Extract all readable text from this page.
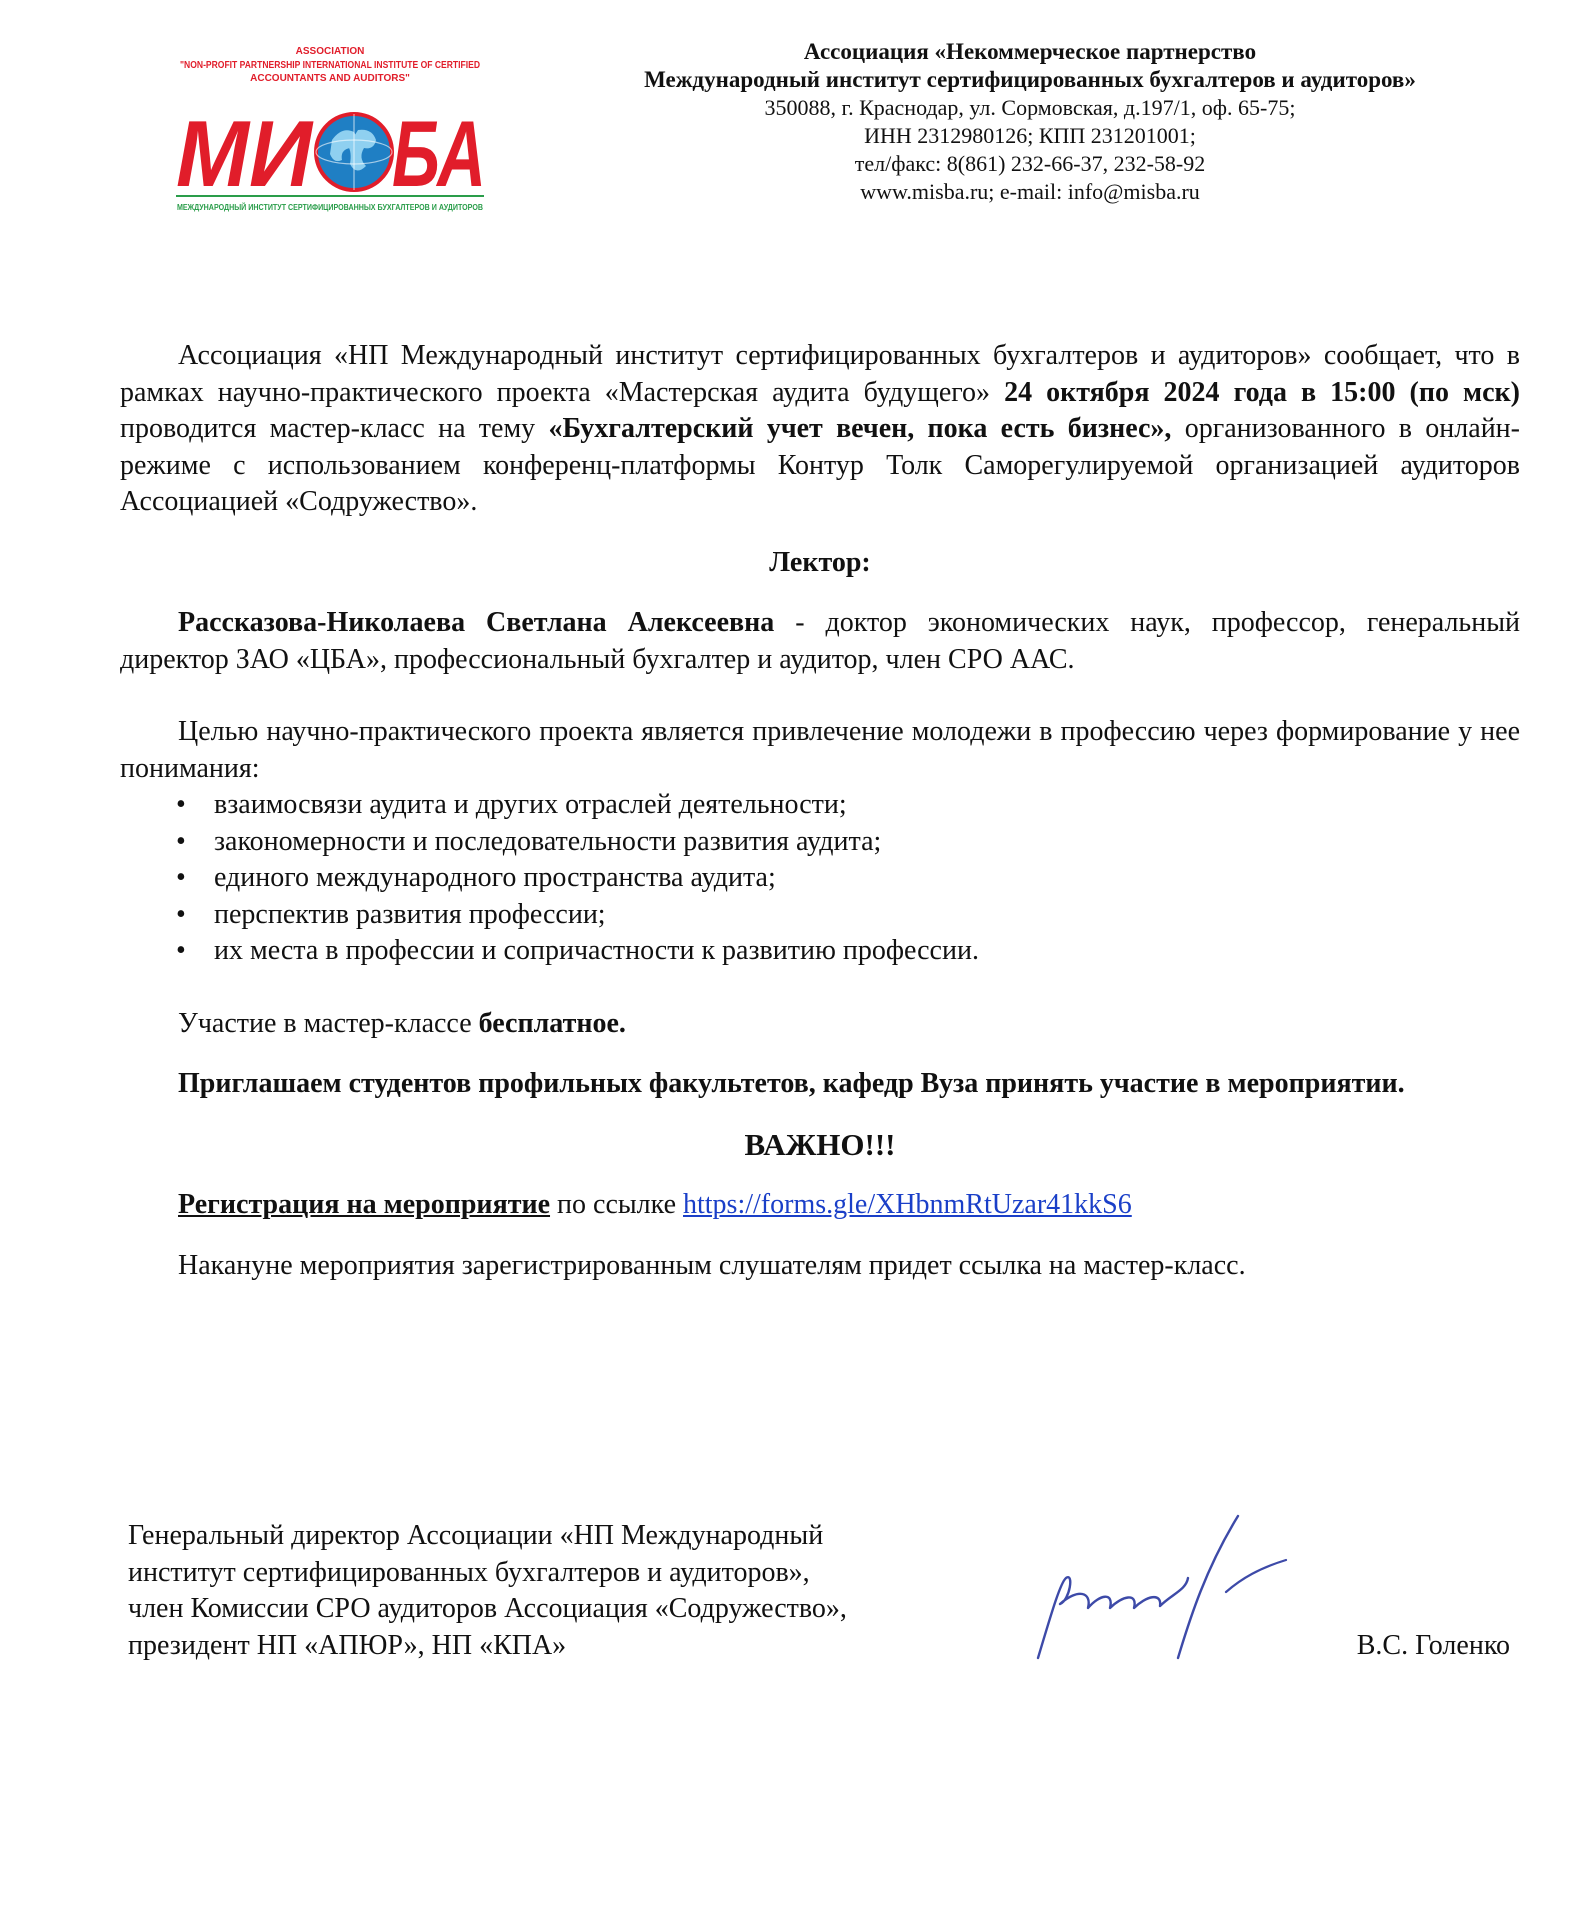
ASSOCIATION
"NON-PROFIT PARTNERSHIP INTERNATIONAL INSTITUTE OF CERTIFIED
ACCOUNTANTS AND AUDITORS"
МИ БА
МЕЖДУНАРОДНЫЙ ИНСТИТУТ СЕРТИФИЦИРОВАННЫХ БУХГАЛТЕРОВ И АУДИТОРОВ
Ассоциация «Некоммерческое партнерство
Международный институт сертифицированных бухгалтеров и аудиторов»
350088, г. Краснодар, ул. Сормовская, д.197/1, оф. 65-75;
ИНН 2312980126; КПП 231201001;
тел/факс: 8(861) 232-66-37, 232-58-92
www.misba.ru; e-mail: info@misba.ru

Ассоциация «НП Международный институт сертифицированных бухгалтеров и аудиторов» сообщает, что в рамках научно-практического проекта «Мастерская аудита будущего» 24 октября 2024 года в 15:00 (по мск) проводится мастер-класс на тему «Бухгалтерский учет вечен, пока есть бизнес», организованного в онлайн-режиме с использованием конференц-платформы Контур Толк Саморегулируемой организацией аудиторов Ассоциацией «Содружество».

Лектор:

Рассказова-Николаева Светлана Алексеевна - доктор экономических наук, профессор, генеральный директор ЗАО «ЦБА», профессиональный бухгалтер и аудитор, член СРО ААС.

Целью научно-практического проекта является привлечение молодежи в профессию через формирование у нее понимания:

• взаимосвязи аудита и других отраслей деятельности;
• закономерности и последовательности развития аудита;
• единого международного пространства аудита;
• перспектив развития профессии;
• их места в профессии и сопричастности к развитию профессии.

Участие в мастер-классе бесплатное.

Приглашаем студентов профильных факультетов, кафедр Вуза принять участие в мероприятии.

ВАЖНО!!!

Регистрация на мероприятие по ссылке https://forms.gle/XHbnmRtUzar41kkS6

Накануне мероприятия зарегистрированным слушателям придет ссылка на мастер-класс.

Генеральный директор Ассоциации «НП Международный
институт сертифицированных бухгалтеров и аудиторов»,
член Комиссии СРО аудиторов Ассоциация «Содружество»,
президент НП «АПЮР», НП «КПА»	В.С. Голенко
